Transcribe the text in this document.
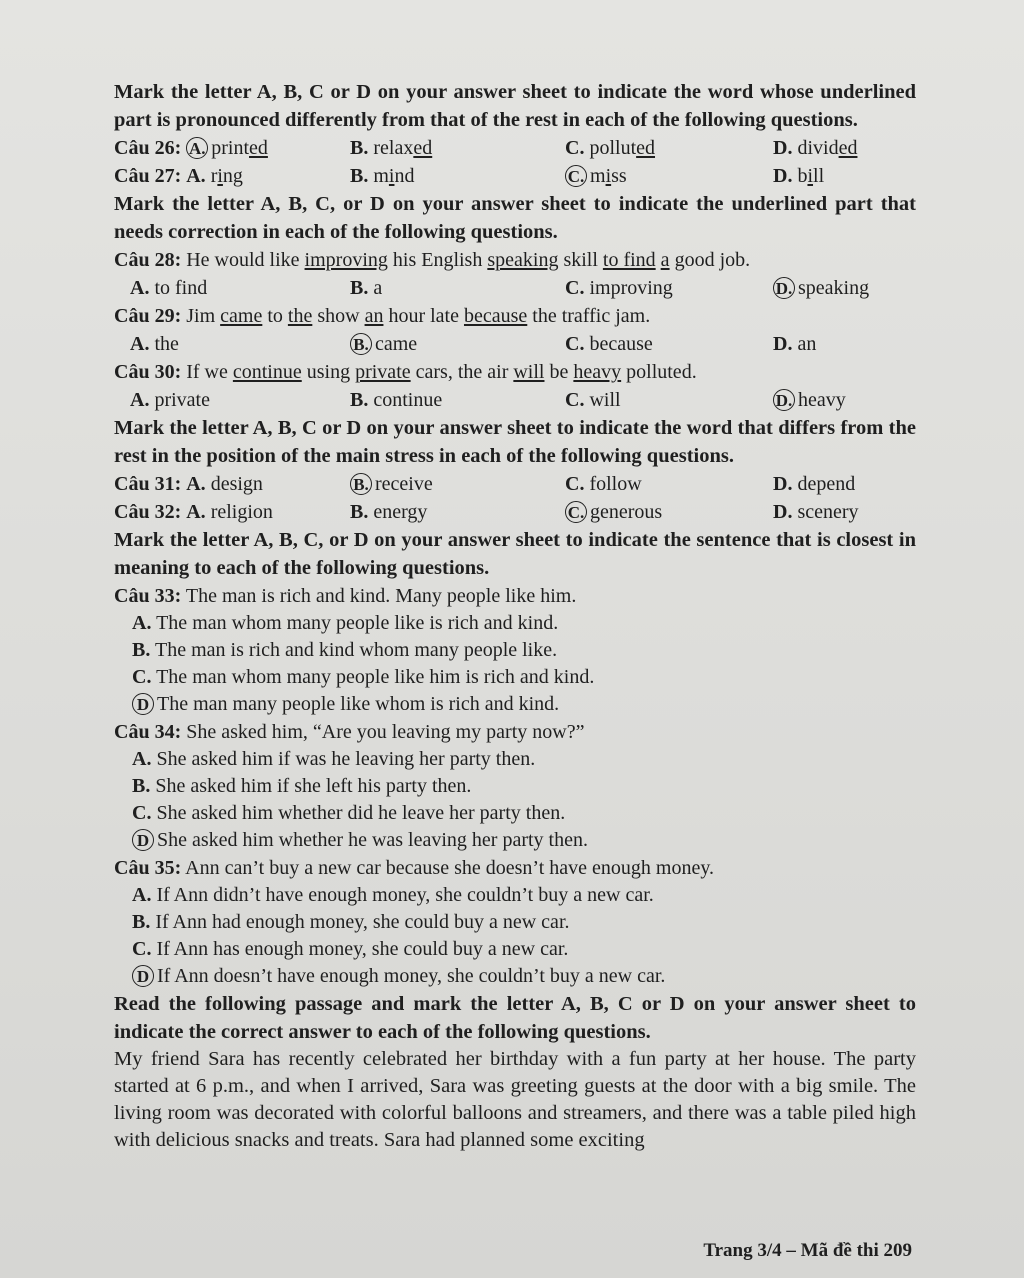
Mark the letter A, B, C or D on your answer sheet to indicate the word whose underlined part is pronounced differently from that of the rest in each of the following questions.

Câu 26: A. printed	B. relaxed	C. polluted	D. divided
Câu 27: A. ring	B. mind	C. miss	D. bill

Mark the letter A, B, C, or D on your answer sheet to indicate the underlined part that needs correction in each of the following questions.

Câu 28: He would like improving his English speaking skill to find a good job.

A. to find	B. a	C. improving	D. speaking

Câu 29: Jim came to the show an hour late because the traffic jam.

A. the	B. came	C. because	D. an

Câu 30: If we continue using private cars, the air will be heavy polluted.

A. private	B. continue	C. will	D. heavy

Mark the letter A, B, C or D on your answer sheet to indicate the word that differs from the rest in the position of the main stress in each of the following questions.

Câu 31: A. design	B. receive	C. follow	D. depend
Câu 32: A. religion	B. energy	C. generous	D. scenery

Mark the letter A, B, C, or D on your answer sheet to indicate the sentence that is closest in meaning to each of the following questions.

Câu 33: The man is rich and kind. Many people like him.

A. The man whom many people like is rich and kind.

B. The man is rich and kind whom many people like.

C. The man whom many people like him is rich and kind.

D The man many people like whom is rich and kind.

Câu 34: She asked him, “Are you leaving my party now?”

A. She asked him if was he leaving her party then.

B. She asked him if she left his party then.

C. She asked him whether did he leave her party then.

D She asked him whether he was leaving her party then.

Câu 35: Ann can’t buy a new car because she doesn’t have enough money.

A. If Ann didn’t have enough money, she couldn’t buy a new car.

B. If Ann had enough money, she could buy a new car.

C. If Ann has enough money, she could buy a new car.

D If Ann doesn’t have enough money, she couldn’t buy a new car.

Read the following passage and mark the letter A, B, C or D on your answer sheet to indicate the correct answer to each of the following questions.

My friend Sara has recently celebrated her birthday with a fun party at her house. The party started at 6 p.m., and when I arrived, Sara was greeting guests at the door with a big smile. The living room was decorated with colorful balloons and streamers, and there was a table piled high with delicious snacks and treats. Sara had planned some exciting

Trang 3/4 – Mã đề thi 209
